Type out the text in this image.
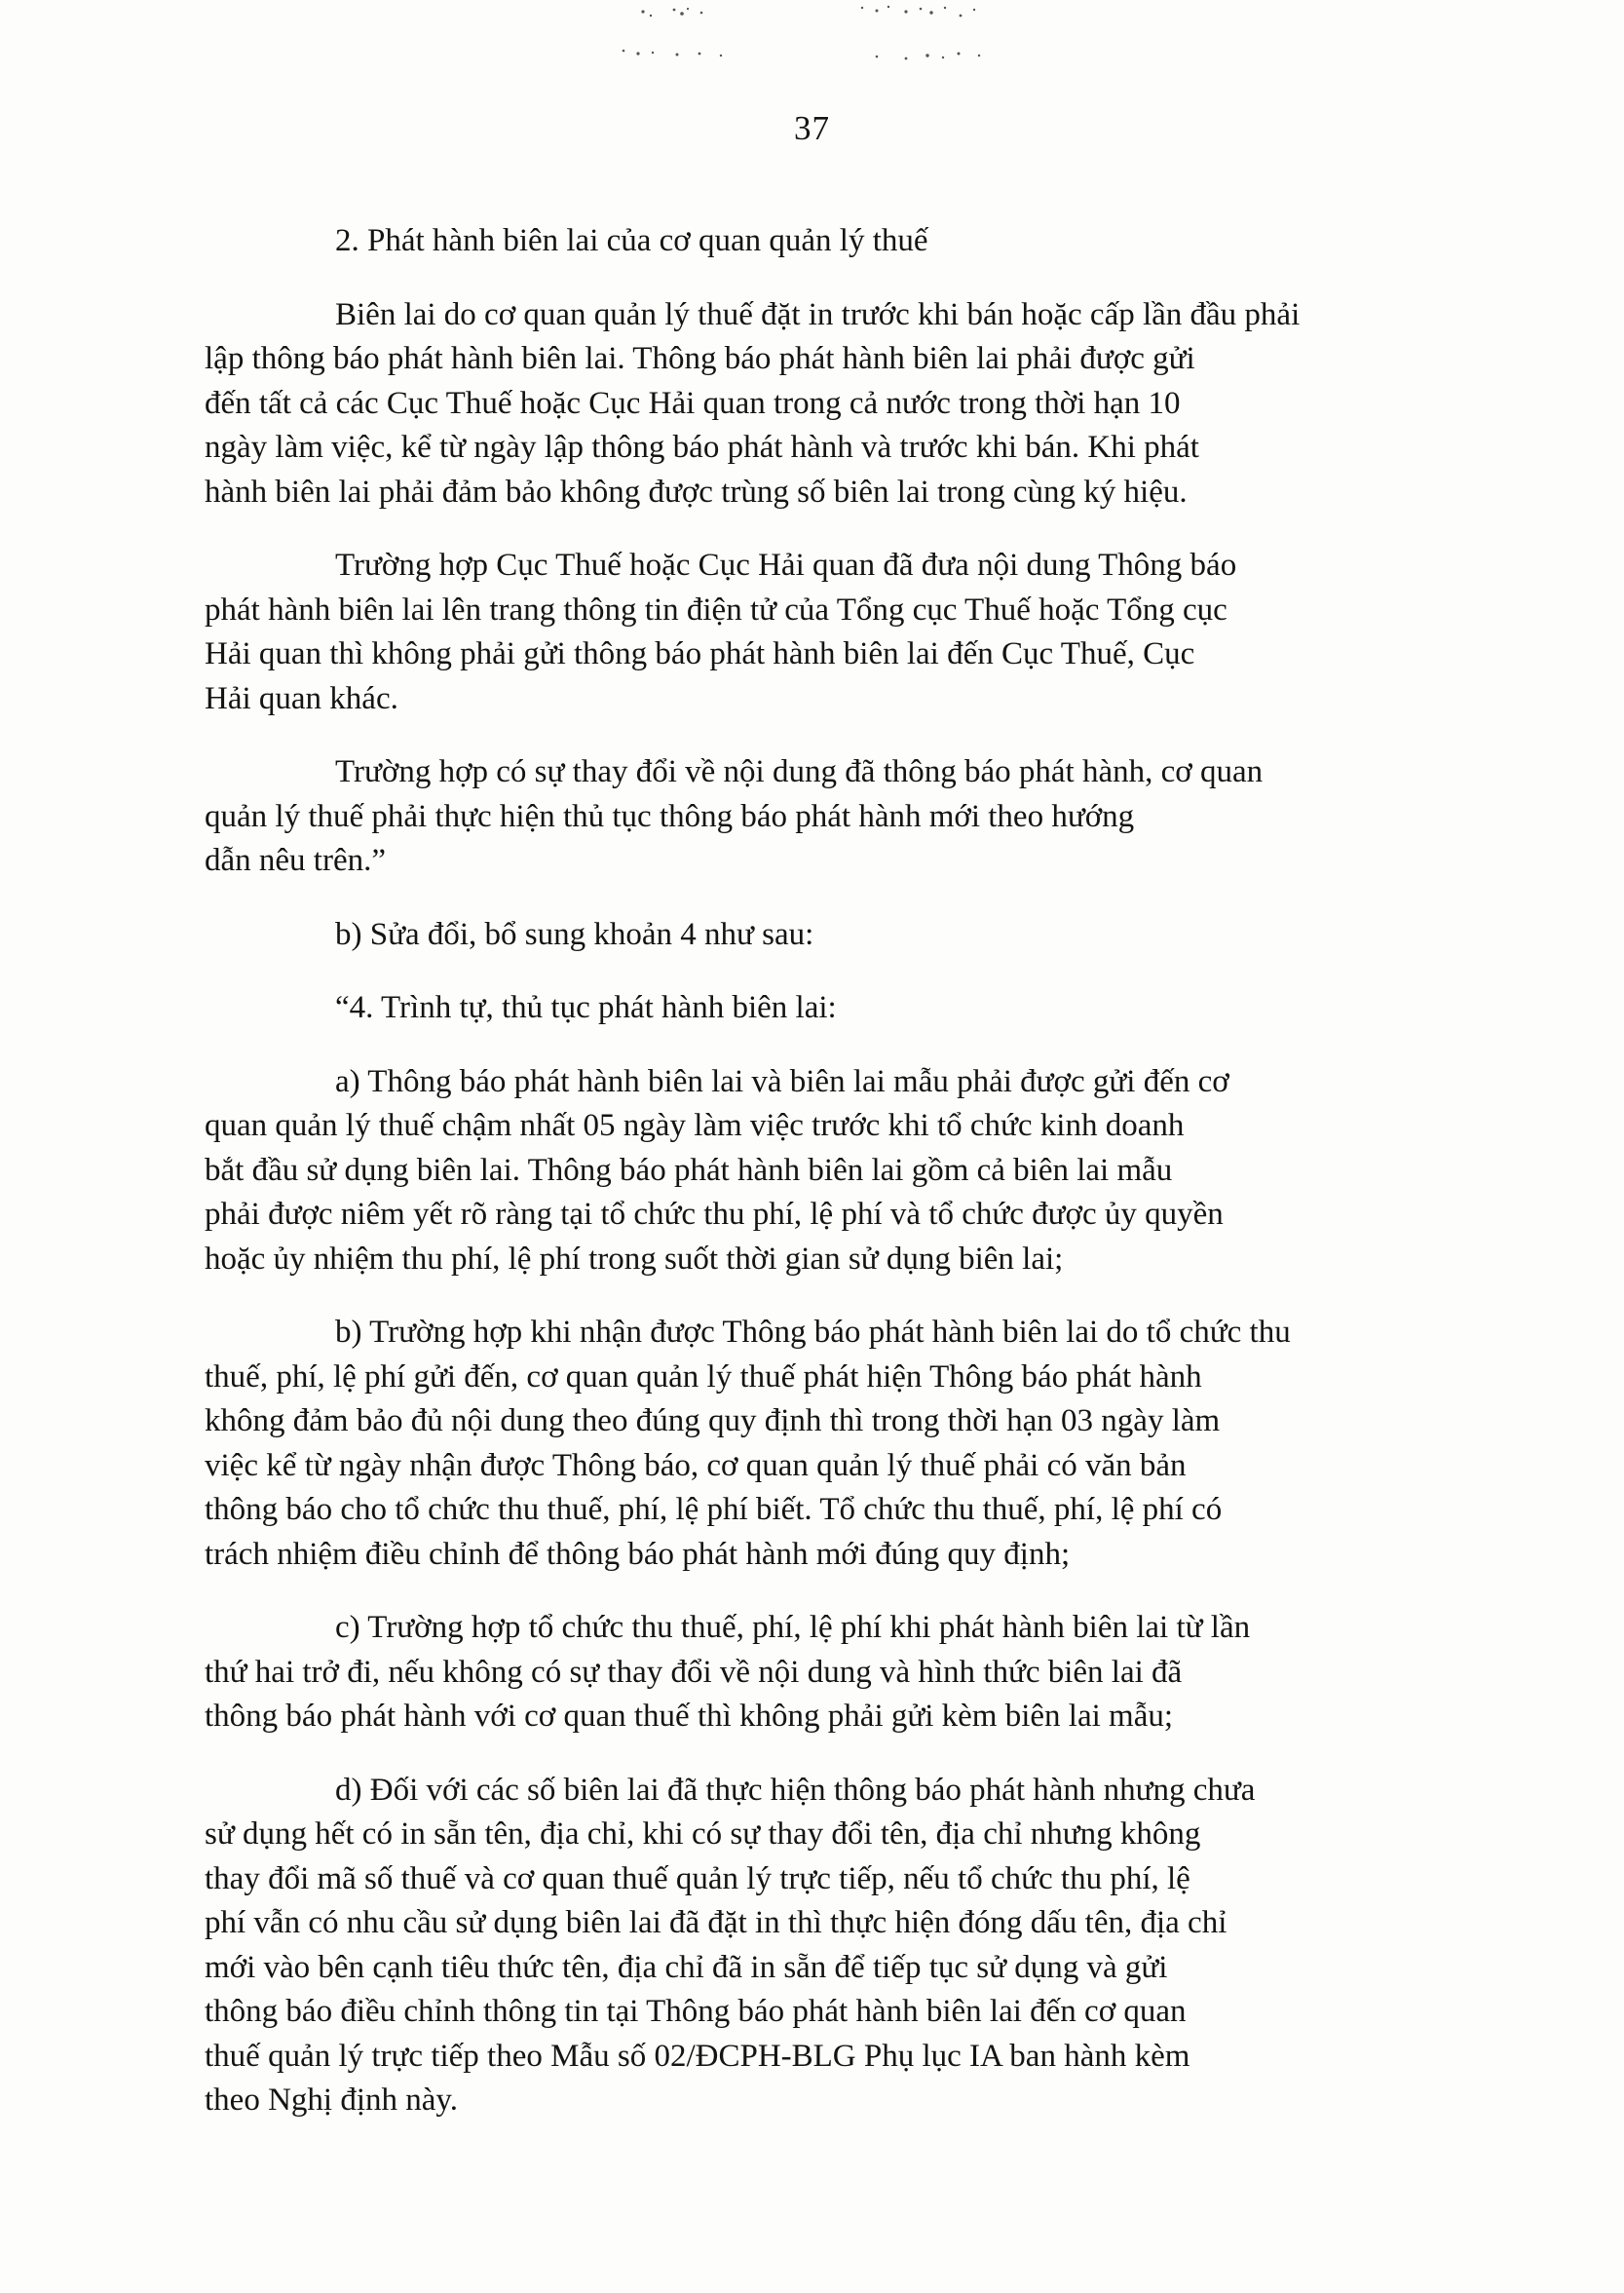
37
2. Phát hành biên lai của cơ quan quản lý thuế
Biên lai do cơ quan quản lý thuế đặt in trước khi bán hoặc cấp lần đầu phải
lập thông báo phát hành biên lai. Thông báo phát hành biên lai phải được gửi
đến tất cả các Cục Thuế hoặc Cục Hải quan trong cả nước trong thời hạn 10
ngày làm việc, kể từ ngày lập thông báo phát hành và trước khi bán. Khi phát
hành biên lai phải đảm bảo không được trùng số biên lai trong cùng ký hiệu.
Trường hợp Cục Thuế hoặc Cục Hải quan đã đưa nội dung Thông báo
phát hành biên lai lên trang thông tin điện tử của Tổng cục Thuế hoặc Tổng cục
Hải quan thì không phải gửi thông báo phát hành biên lai đến Cục Thuế, Cục
Hải quan khác.
Trường hợp có sự thay đổi về nội dung đã thông báo phát hành, cơ quan
quản lý thuế phải thực hiện thủ tục thông báo phát hành mới theo hướng
dẫn nêu trên.”
b) Sửa đổi, bổ sung khoản 4 như sau:
“4. Trình tự, thủ tục phát hành biên lai:
a) Thông báo phát hành biên lai và biên lai mẫu phải được gửi đến cơ
quan quản lý thuế chậm nhất 05 ngày làm việc trước khi tổ chức kinh doanh
bắt đầu sử dụng biên lai. Thông báo phát hành biên lai gồm cả biên lai mẫu
phải được niêm yết rõ ràng tại tổ chức thu phí, lệ phí và tổ chức được ủy quyền
hoặc ủy nhiệm thu phí, lệ phí trong suốt thời gian sử dụng biên lai;
b) Trường hợp khi nhận được Thông báo phát hành biên lai do tổ chức thu
thuế, phí, lệ phí gửi đến, cơ quan quản lý thuế phát hiện Thông báo phát hành
không đảm bảo đủ nội dung theo đúng quy định thì trong thời hạn 03 ngày làm
việc kể từ ngày nhận được Thông báo, cơ quan quản lý thuế phải có văn bản
thông báo cho tổ chức thu thuế, phí, lệ phí biết. Tổ chức thu thuế, phí, lệ phí có
trách nhiệm điều chỉnh để thông báo phát hành mới đúng quy định;
c) Trường hợp tổ chức thu thuế, phí, lệ phí khi phát hành biên lai từ lần
thứ hai trở đi, nếu không có sự thay đổi về nội dung và hình thức biên lai đã
thông báo phát hành với cơ quan thuế thì không phải gửi kèm biên lai mẫu;
d) Đối với các số biên lai đã thực hiện thông báo phát hành nhưng chưa
sử dụng hết có in sẵn tên, địa chỉ, khi có sự thay đổi tên, địa chỉ nhưng không
thay đổi mã số thuế và cơ quan thuế quản lý trực tiếp, nếu tổ chức thu phí, lệ
phí vẫn có nhu cầu sử dụng biên lai đã đặt in thì thực hiện đóng dấu tên, địa chỉ
mới vào bên cạnh tiêu thức tên, địa chỉ đã in sẵn để tiếp tục sử dụng và gửi
thông báo điều chỉnh thông tin tại Thông báo phát hành biên lai đến cơ quan
thuế quản lý trực tiếp theo Mẫu số 02/ĐCPH-BLG Phụ lục IA ban hành kèm
theo Nghị định này.
